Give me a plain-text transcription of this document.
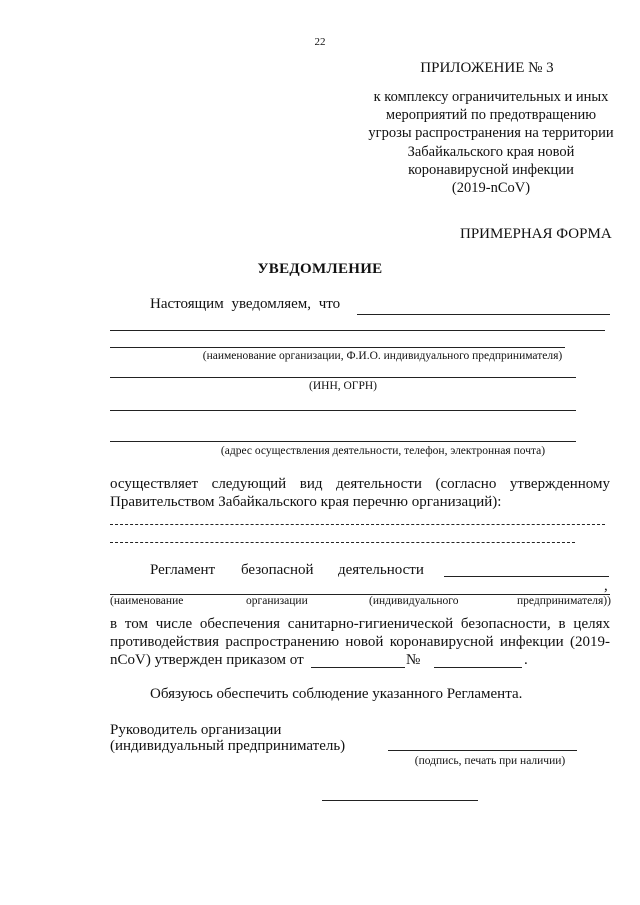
22
ПРИЛОЖЕНИЕ № 3
к комплексу ограничительных и иных
мероприятий по предотвращению
угрозы распространения на территории
Забайкальского края новой
коронавирусной инфекции
(2019-nCoV)
ПРИМЕРНАЯ ФОРМА
УВЕДОМЛЕНИЕ
Настоящим уведомляем, что
(наименование организации, Ф.И.О. индивидуального предпринимателя)
(ИНН, ОГРН)
(адрес осуществления деятельности, телефон, электронная почта)
осуществляет следующий вид деятельности (согласно утвержденному
Правительством Забайкальского края перечню организаций):
Регламент безопасной деятельности
,
(наименование	организации	(индивидуального	предпринимателя))
в том числе обеспечения санитарно-гигиенической безопасности, в целях
противодействия распространению новой коронавирусной инфекции (2019-
nCoV) утвержден приказом от	№	.
Обязуюсь обеспечить соблюдение указанного Регламента.
Руководитель организации
(индивидуальный предприниматель)
(подпись, печать при наличии)
